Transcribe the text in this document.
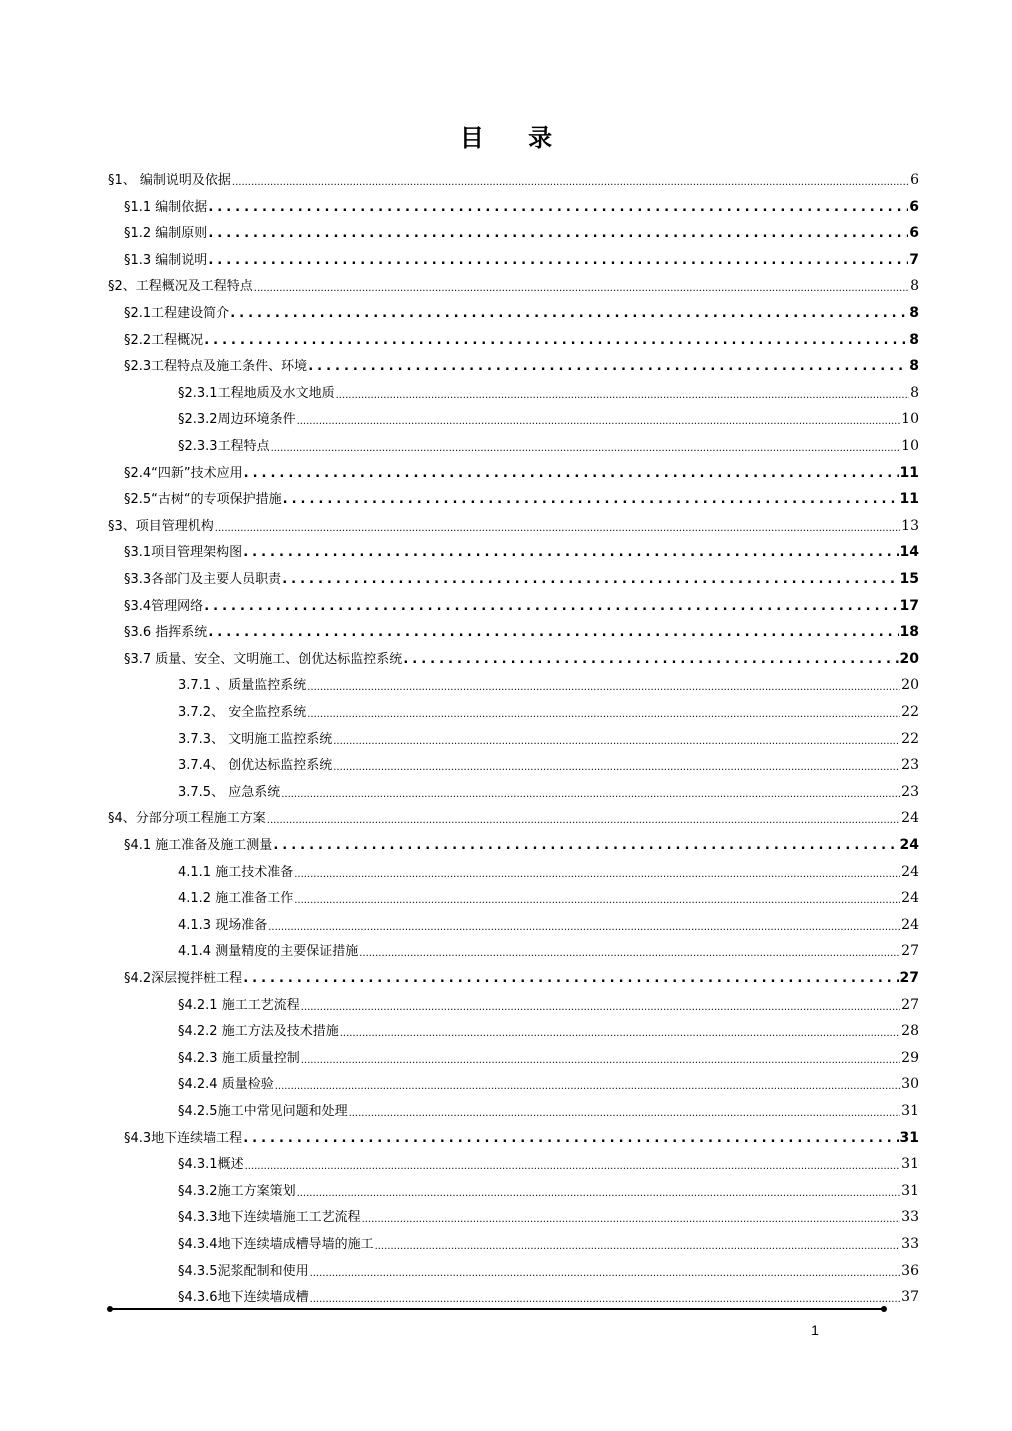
目 录
§1、 编制说明及依据 .....	6
§1.1 编制依据 .....	6
§1.2 编制原则 .....	6
§1.3 编制说明 .....	7
§2、工程概况及工程特点 .....	8
§2.1工程建设简介 .....	8
§2.2工程概况 .....	8
§2.3工程特点及施工条件、环境 .....	8
§2.3.1工程地质及水文地质 .....	8
§2.3.2周边环境条件 .....	10
§2.3.3工程特点 .....	10
§2.4“四新”技术应用 .....	11
§2.5“古树“的专项保护措施 .....	11
§3、项目管理机构 .....	13
§3.1项目管理架构图 .....	14
§3.3各部门及主要人员职责 .....	15
§3.4管理网络 .....	17
§3.6 指挥系统 .....	18
§3.7 质量、安全、文明施工、创优达标监控系统 .....	20
3.7.1 、质量监控系统 .....	20
3.7.2、 安全监控系统 .....	22
3.7.3、 文明施工监控系统 .....	22
3.7.4、 创优达标监控系统 .....	23
3.7.5、 应急系统 .....	23
§4、分部分项工程施工方案 .....	24
§4.1 施工准备及施工测量 .....	24
4.1.1 施工技术准备 .....	24
4.1.2 施工准备工作 .....	24
4.1.3 现场准备 .....	24
4.1.4 测量精度的主要保证措施 .....	27
§4.2深层搅拌桩工程 .....	27
§4.2.1 施工工艺流程 .....	27
§4.2.2 施工方法及技术措施 .....	28
§4.2.3 施工质量控制 .....	29
§4.2.4 质量检验 .....	30
§4.2.5施工中常见问题和处理 .....	31
§4.3地下连续墙工程 .....	31
§4.3.1概述 .....	31
§4.3.2施工方案策划 .....	31
§4.3.3地下连续墙施工工艺流程 .....	33
§4.3.4地下连续墙成槽导墙的施工 .....	33
§4.3.5泥浆配制和使用 .....	36
§4.3.6地下连续墙成槽 .....	37
1
